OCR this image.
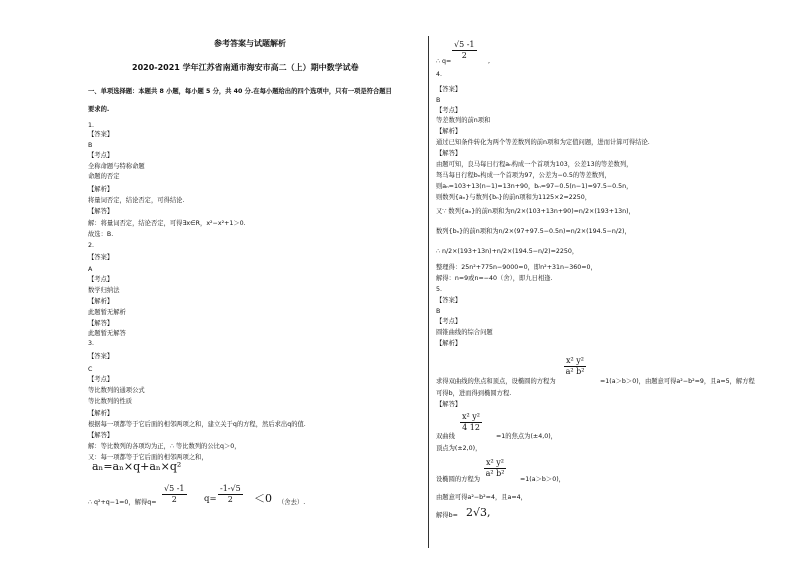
参考答案与试题解析
2020-2021 学年江苏省南通市海安市高二（上）期中数学试卷
一、单项选择题：本题共 8 小题，每小题 5 分，共 40 分.在每小题给出的四个选项中，只有一项是符合题目
要求的.
1.
【答案】
B
【考点】
全称命题与特称命题
命题的否定
【解析】
将量词否定，结论否定，可得结论.
【解答】
解：将量词否定，结论否定，可得∃x∈R，x²−x²+1＞0.
故选：B.
2.
【答案】
A
【考点】
数学归纳法
【解析】
此题暂无解析
【解答】
此题暂无解答
3.
【答案】
C
【考点】
等比数列的通项公式
等比数列的性质
【解析】
根据每一项都等于它后面的相邻两项之和，建立关于q的方程，然后求出q的值.
【解答】
解：等比数列的各项均为正，∴ 等比数列的公比q＞0，
又：每一项都等于它后面的相邻两项之和，
aₙ=aₙ×q+aₙ×q²
∴ q²+q−1=0，解得$q= \frac{√5 -1}{2} q= \frac{-1-√5}{2} <0$ （舍去）.
∴ q=
$\frac{√5 -1}{2}$
,
4.
【答案】
B
【考点】
等差数列的前n项和
【解析】
通过已知条件转化为两个等差数列的前n项和为定值问题，进而计算可得结论.
【解答】
由题可知，良马每日行程aₙ构成一个首项为103，公差13的等差数列，
驽马每日行程bₙ构成一个首项为97，公差为−0.5的等差数列，
则aₙ=103+13(n−1)=13n+90，bₙ=97−0.5(n−1)=97.5−0.5n，
则数列{aₙ}与数列{bₙ}的前n项和为1125×2=2250，
又∵ 数列{aₙ}的前n项和为n/2×(103+13n+90)=n/2×(193+13n)，
数列{bₙ}的前n项和为n/2×(97+97.5−0.5n)=n/2×(194.5−n/2)，
∴ n/2×(193+13n)+n/2×(194.5−n/2)=2250，
整理得：25n²+775n−9000=0，即n²+31n−360=0，
解得：n=9或n=−40（舍），即九日相逢.
5.
【答案】
B
【考点】
圆锥曲线的综合问题
【解析】
求得双曲线的焦点和顶点，设椭圆的方程为
$\frac{\text{x² y²}}{\text{a² b²}}$
=1(a＞b＞0)，由题意可得a²−b²=9，且a=5，解方程
可得b，进而得到椭圆方程.
【解答】
双曲线
$\frac{\text{x² y²}}{4 12}$
=1的焦点为(±4,0)，
顶点为(±2,0)，
设椭圆的方程为
$\frac{\text{x² y²}}{\text{a² b²}}$
=1(a＞b＞0)，
由题意可得a²−b²=4，且a=4，
解得b= 2√3,
